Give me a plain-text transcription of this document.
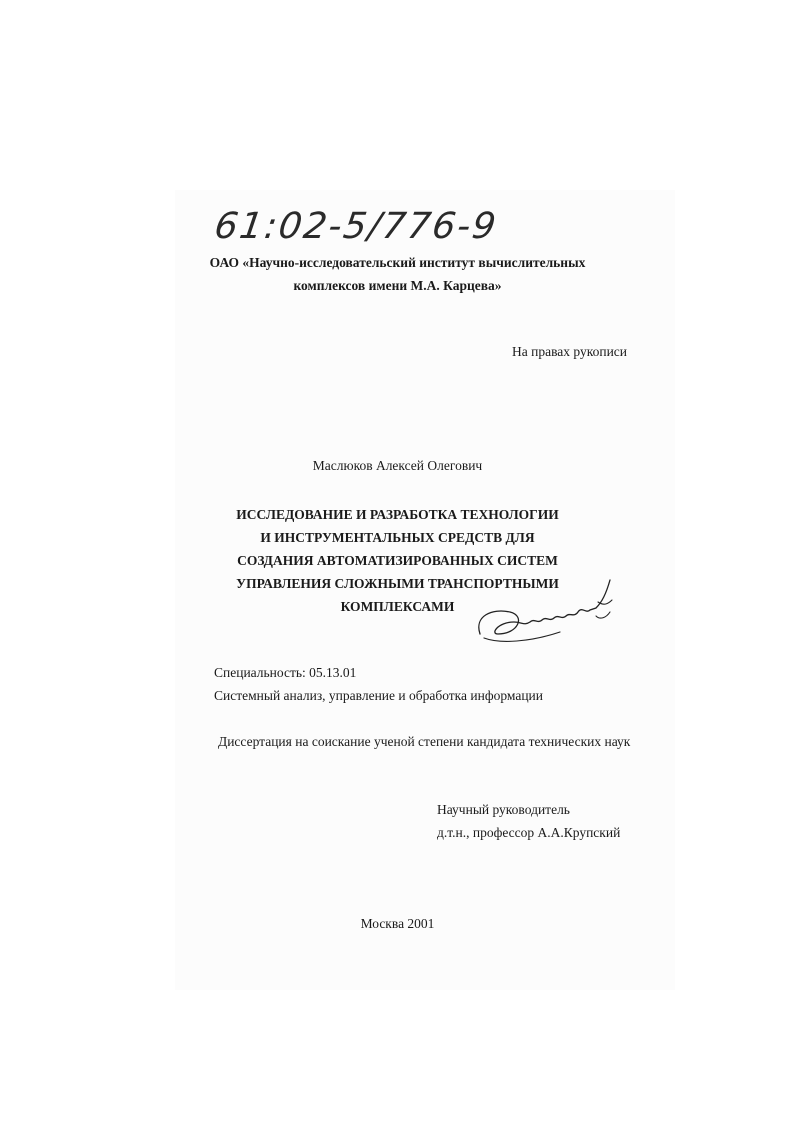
61:02-5/776-9
ОАО «Научно-исследовательский институт вычислительных
комплексов имени М.А. Карцева»
На правах рукописи
Маслюков Алексей Олегович
ИССЛЕДОВАНИЕ И РАЗРАБОТКА ТЕХНОЛОГИИ
И ИНСТРУМЕНТАЛЬНЫХ СРЕДСТВ ДЛЯ
СОЗДАНИЯ АВТОМАТИЗИРОВАННЫХ СИСТЕМ
УПРАВЛЕНИЯ СЛОЖНЫМИ ТРАНСПОРТНЫМИ
КОМПЛЕКСАМИ
Специальность: 05.13.01
Системный анализ, управление и обработка информации
Диссертация на соискание ученой степени кандидата технических наук
Научный руководитель
д.т.н., профессор А.А.Крупский
Москва 2001
